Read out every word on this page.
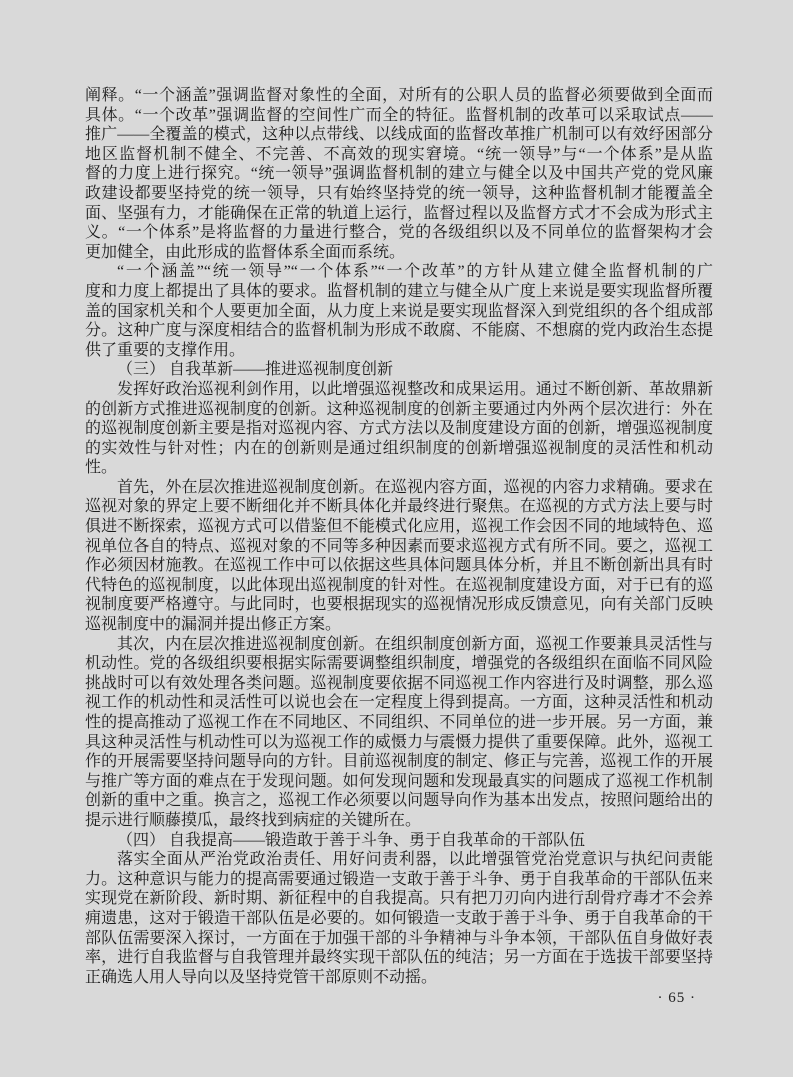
阐释。“一个涵盖”强调监督对象性的全面，对所有的公职人员的监督必须要做到全面而
具体。“一个改革”强调监督的空间性广而全的特征。监督机制的改革可以采取试点——
推广——全覆盖的模式，这种以点带线、以线成面的监督改革推广机制可以有效纾困部分
地区监督机制不健全、不完善、不高效的现实窘境。“统一领导”与“一个体系”是从监
督的力度上进行探究。“统一领导”强调监督机制的建立与健全以及中国共产党的党风廉
政建设都要坚持党的统一领导，只有始终坚持党的统一领导，这种监督机制才能覆盖全
面、坚强有力，才能确保在正常的轨道上运行，监督过程以及监督方式才不会成为形式主
义。“一个体系”是将监督的力量进行整合，党的各级组织以及不同单位的监督架构才会
更加健全，由此形成的监督体系全面而系统。
“一个涵盖”“统一领导”“一个体系”“一个改革”的方针从建立健全监督机制的广
度和力度上都提出了具体的要求。监督机制的建立与健全从广度上来说是要实现监督所覆
盖的国家机关和个人要更加全面，从力度上来说是要实现监督深入到党组织的各个组成部
分。这种广度与深度相结合的监督机制为形成不敢腐、不能腐、不想腐的党内政治生态提
供了重要的支撑作用。
（三） 自我革新——推进巡视制度创新
发挥好政治巡视利剑作用，以此增强巡视整改和成果运用。通过不断创新、革故鼎新
的创新方式推进巡视制度的创新。这种巡视制度的创新主要通过内外两个层次进行：外在
的巡视制度创新主要是指对巡视内容、方式方法以及制度建设方面的创新，增强巡视制度
的实效性与针对性；内在的创新则是通过组织制度的创新增强巡视制度的灵活性和机动
性。
首先，外在层次推进巡视制度创新。在巡视内容方面，巡视的内容力求精确。要求在
巡视对象的界定上要不断细化并不断具体化并最终进行聚焦。在巡视的方式方法上要与时
俱进不断探索，巡视方式可以借鉴但不能模式化应用，巡视工作会因不同的地域特色、巡
视单位各自的特点、巡视对象的不同等多种因素而要求巡视方式有所不同。要之，巡视工
作必须因材施教。在巡视工作中可以依据这些具体问题具体分析，并且不断创新出具有时
代特色的巡视制度，以此体现出巡视制度的针对性。在巡视制度建设方面，对于已有的巡
视制度要严格遵守。与此同时，也要根据现实的巡视情况形成反馈意见，向有关部门反映
巡视制度中的漏洞并提出修正方案。
其次，内在层次推进巡视制度创新。在组织制度创新方面，巡视工作要兼具灵活性与
机动性。党的各级组织要根据实际需要调整组织制度，增强党的各级组织在面临不同风险
挑战时可以有效处理各类问题。巡视制度要依据不同巡视工作内容进行及时调整，那么巡
视工作的机动性和灵活性可以说也会在一定程度上得到提高。一方面，这种灵活性和机动
性的提高推动了巡视工作在不同地区、不同组织、不同单位的进一步开展。另一方面，兼
具这种灵活性与机动性可以为巡视工作的威慑力与震慑力提供了重要保障。此外，巡视工
作的开展需要坚持问题导向的方针。目前巡视制度的制定、修正与完善，巡视工作的开展
与推广等方面的难点在于发现问题。如何发现问题和发现最真实的问题成了巡视工作机制
创新的重中之重。换言之，巡视工作必须要以问题导向作为基本出发点，按照问题给出的
提示进行顺藤摸瓜，最终找到病症的关键所在。
（四） 自我提高——锻造敢于善于斗争、勇于自我革命的干部队伍
落实全面从严治党政治责任、用好问责利器，以此增强管党治党意识与执纪问责能
力。这种意识与能力的提高需要通过锻造一支敢于善于斗争、勇于自我革命的干部队伍来
实现党在新阶段、新时期、新征程中的自我提高。只有把刀刃向内进行刮骨疗毒才不会养
痈遗患，这对于锻造干部队伍是必要的。如何锻造一支敢于善于斗争、勇于自我革命的干
部队伍需要深入探讨，一方面在于加强干部的斗争精神与斗争本领，干部队伍自身做好表
率，进行自我监督与自我管理并最终实现干部队伍的纯洁；另一方面在于选拔干部要坚持
正确选人用人导向以及坚持党管干部原则不动摇。
· 65 ·
